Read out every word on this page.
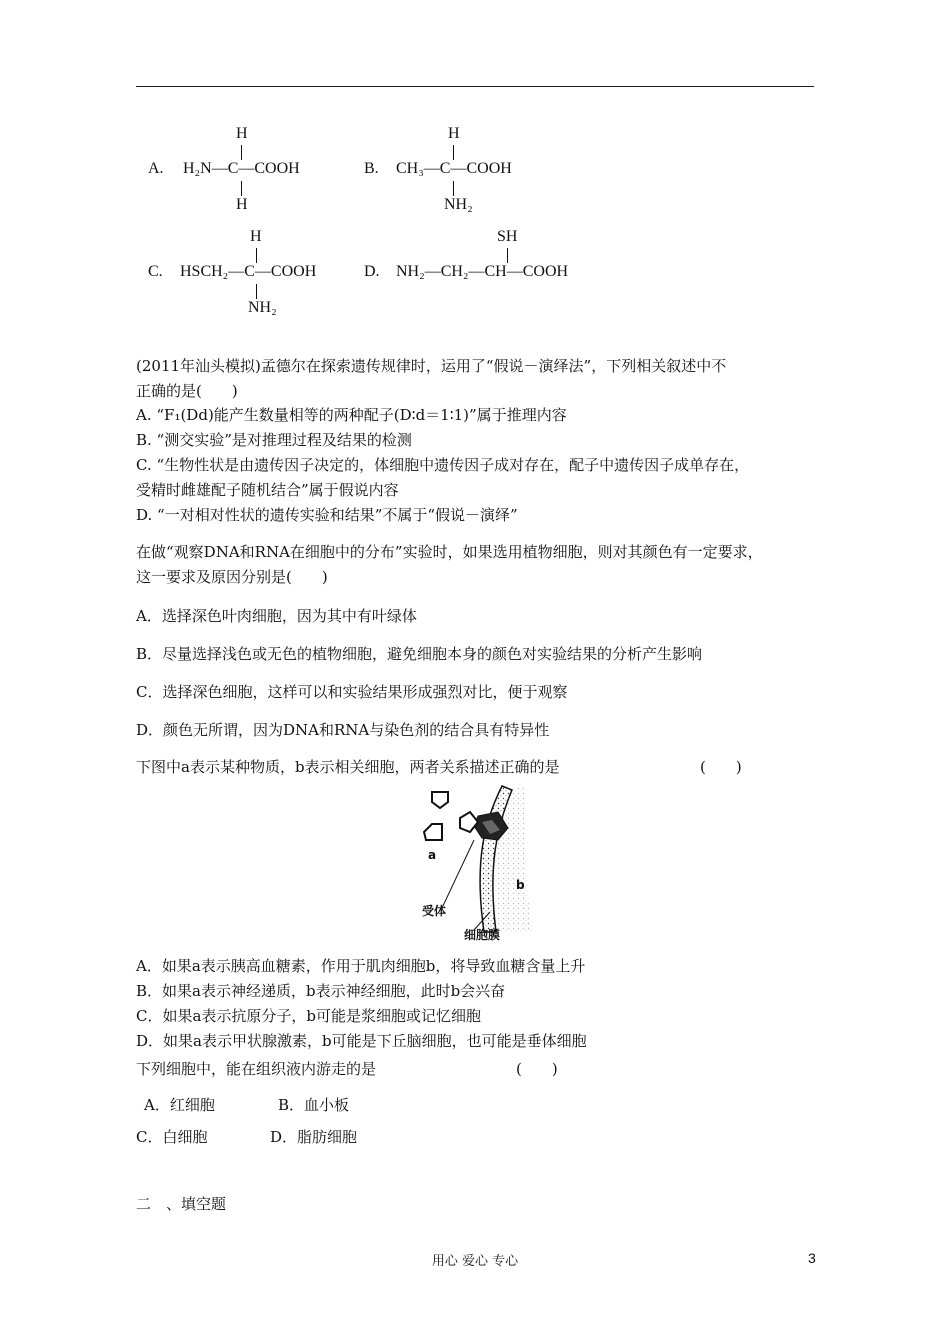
A.
H
H₂N—C—COOH
H
B.
H
CH₃—C—COOH
NH₂
C.
H
HSCH₂—C—COOH
NH₂
D.
SH
NH₂—CH₂—CH—COOH
(2011年汕头模拟)孟德尔在探索遗传规律时，运用了“假说－演绎法”，下列相关叙述中不
正确的是(　　)
A. “F₁(Dd)能产生数量相等的两种配子(D∶d＝1∶1)”属于推理内容
B. “测交实验”是对推理过程及结果的检测
C. “生物性状是由遗传因子决定的，体细胞中遗传因子成对存在，配子中遗传因子成单存在，
受精时雌雄配子随机结合”属于假说内容
D. “一对相对性状的遗传实验和结果”不属于“假说－演绎”
在做“观察DNA和RNA在细胞中的分布”实验时，如果选用植物细胞，则对其颜色有一定要求，
这一要求及原因分别是(　　)
A．选择深色叶肉细胞，因为其中有叶绿体
B．尽量选择浅色或无色的植物细胞，避免细胞本身的颜色对实验结果的分析产生影响
C．选择深色细胞，这样可以和实验结果形成强烈对比，便于观察
D．颜色无所谓，因为DNA和RNA与染色剂的结合具有特异性
下图中a表示某种物质，b表示相关细胞，两者关系描述正确的是	(　　)
a
b
受体
细胞膜
A．如果a表示胰高血糖素，作用于肌肉细胞b，将导致血糖含量上升
B．如果a表示神经递质，b表示神经细胞，此时b会兴奋
C．如果a表示抗原分子，b可能是浆细胞或记忆细胞
D．如果a表示甲状腺激素，b可能是下丘脑细胞，也可能是垂体细胞
下列细胞中，能在组织液内游走的是	(　　)
A．红细胞	B．血小板
C．白细胞	D．脂肪细胞
二　、填空题
用心 爱心 专心	3
